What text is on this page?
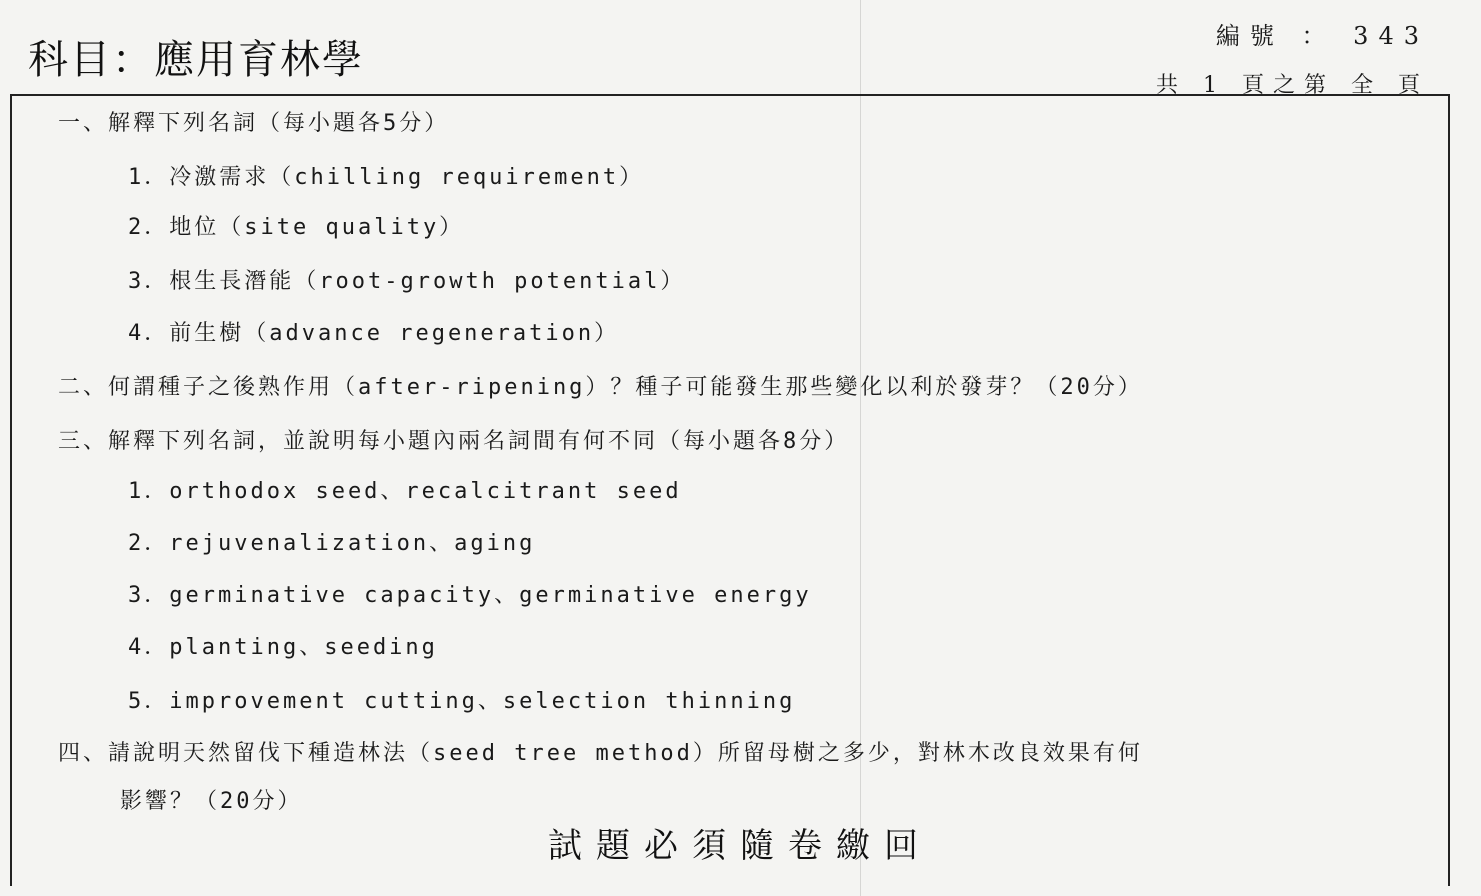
科目：應用育林學
編號 ： 343
共 1 頁之第 全 頁
一、解釋下列名詞（每小題各5分）
1．冷激需求（chilling requirement）
2．地位（site quality）
3．根生長潛能（root-growth potential）
4．前生樹（advance regeneration）
二、何謂種子之後熟作用（after-ripening）？種子可能發生那些變化以利於發芽？（20分）
三、解釋下列名詞，並說明每小題內兩名詞間有何不同（每小題各8分）
1．orthodox seed、recalcitrant seed
2．rejuvenalization、aging
3．germinative capacity、germinative energy
4．planting、seeding
5．improvement cutting、selection thinning
四、請說明天然留伐下種造林法（seed tree method）所留母樹之多少，對林木改良效果有何
影響？（20分）
試題必須隨卷繳回
